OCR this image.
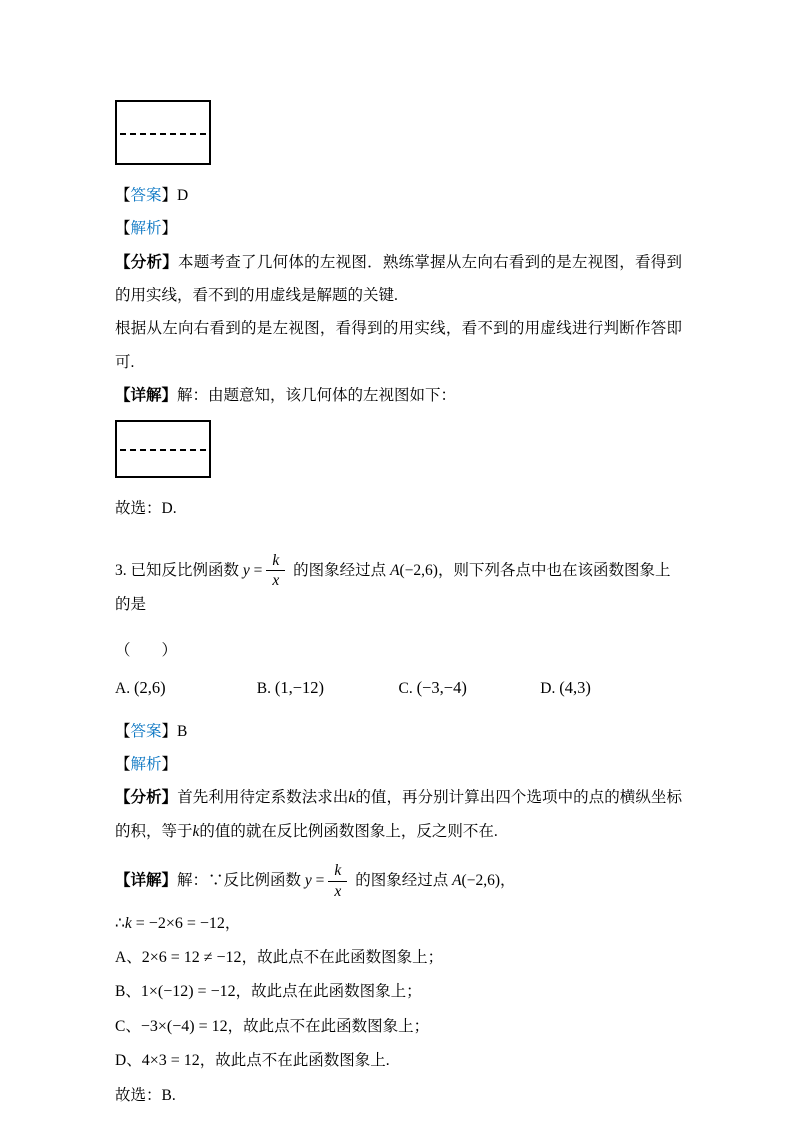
【答案】D
【解析】
【分析】本题考查了几何体的左视图．熟练掌握从左向右看到的是左视图，看得到的用实线，看不到的用虚线是解题的关键.
根据从左向右看到的是左视图，看得到的用实线，看不到的用虚线进行判断作答即可.
【详解】解：由题意知，该几何体的左视图如下：
故选：D.
3. 已知反比例函数 $y = \frac{k}{x}$ 的图象经过点 A(−2,6)，则下列各点中也在该函数图象上的是
（　　）
A. (2,6)	B. (1,−12)	C. (−3,−4)	D. (4,3)
【答案】B
【解析】
【分析】首先利用待定系数法求出k的值，再分别计算出四个选项中的点的横纵坐标的积，等于k的值的就在反比例函数图象上，反之则不在.
【详解】解：∵反比例函数 $y = \frac{k}{x}$ 的图象经过点 A(−2,6)，
∴k = −2×6 = −12，
A、2×6 = 12 ≠ −12，故此点不在此函数图象上；
B、1×(−12) = −12，故此点在此函数图象上；
C、−3×(−4) = 12，故此点不在此函数图象上；
D、4×3 = 12，故此点不在此函数图象上.
故选：B.
